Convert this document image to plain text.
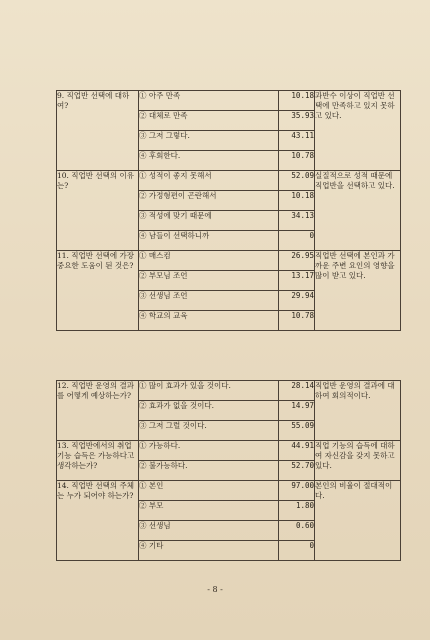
9. 직업반 선택에 대하여?	① 아주 만족	10.18	과반수 이상이 직업반 선택에 만족하고 있지 못하고 있다.
	② 대체로 만족	35.93	
	③ 그저 그렇다.	43.11	
	④ 후회한다.	10.78	
10. 직업반 선택의 이유는?	① 성적이 좋지 못해서	52.09	실질적으로 성적 때문에 직업반을 선택하고 있다.
	② 가정형편이 곤란해서	10.18	
	③ 적성에 맞기 때문에	34.13	
	④ 남들이 선택하니까	0	
11. 직업반 선택에 가장 중요한 도움이 된 것은?	① 매스컴	26.95	직업반 선택에 본인과 가까운 주변 요인의 영향을 많이 받고 있다.
	② 부모님 조언	13.17	
	③ 선생님 조언	29.94	
	④ 학교의 교육	10.78	
12. 직업반 운영의 결과를 어떻게 예상하는가?	① 많이 효과가 있을 것이다.	28.14	직업반 운영의 결과에 대하여 회의적이다.
	② 효과가 없을 것이다.	14.97	
	③ 그저 그럴 것이다.	55.09	
13. 직업반에서의 취업기능 습득은 가능하다고 생각하는가?	① 가능하다.	44.91	직업 기능의 습득에 대하여 자신감을 갖지 못하고 있다.
	② 불가능하다.	52.70	
14. 직업반 선택의 주체는 누가 되어야 하는가?	① 본인	97.00	본인의 비율이 절대적이다.
	② 부모	1.80	
	③ 선생님	0.60	
	④ 기타	0	
- 8 -
